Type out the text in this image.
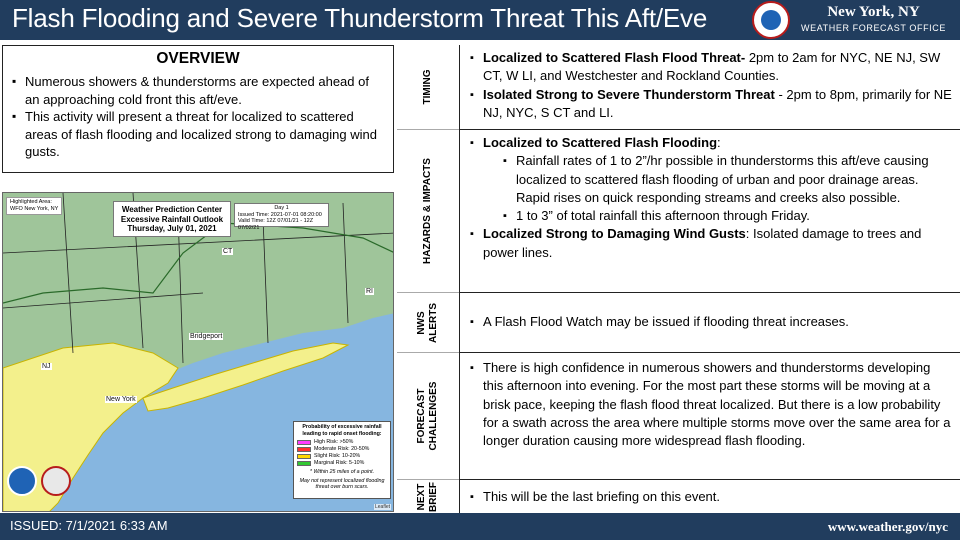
Flash Flooding and Severe Thunderstorm Threat This Aft/Eve	New York, NY
WEATHER FORECAST OFFICE
OVERVIEW
▪ Numerous showers & thunderstorms are expected ahead of an approaching cold front this aft/eve.
▪ This activity will present a threat for localized to scattered areas of flash flooding and localized strong to damaging wind gusts.
Highlighted Area:
WFO New York, NY	Weather Prediction Center
Excessive Rainfall Outlook
Thursday, July 01, 2021
Day 1
Issued Time: 2021-07-01 08:20:00
Valid Time: 12Z 07/01/21 - 12Z 07/02/21
CT
RI
NJ
New York
Bridgeport
Probability of excessive rainfall leading to rapid onset flooding:
High Risk: >50%
Moderate Risk: 20-50%
Slight Risk: 10-20%
Marginal Risk: 5-10%
* Within 25 miles of a point.
May not represent localized flooding threat over burn scars.
Leaflet
TIMING
▪ Localized to Scattered Flash Flood Threat- 2pm to 2am for NYC, NE NJ, SW CT, W LI, and Westchester and Rockland Counties.
▪ Isolated Strong to Severe Thunderstorm Threat - 2pm to 8pm, primarily for NE NJ, NYC, S CT and LI.
HAZARDS & IMPACTS
▪ Localized to Scattered Flash Flooding:
▪ Rainfall rates of 1 to 2”/hr possible in thunderstorms this aft/eve causing localized to scattered flash flooding of urban and poor drainage areas. Rapid rises on quick responding streams and creeks also possible.
▪ 1 to 3” of total rainfall this afternoon through Friday.
▪ Localized Strong to Damaging Wind Gusts: Isolated damage to trees and power lines.
NWS ALERTS	▪ A Flash Flood Watch may be issued if flooding threat increases.
FORECAST CHALLENGES
▪ There is high confidence in numerous showers and thunderstorms developing this afternoon into evening. For the most part these storms will be moving at a brisk pace, keeping the flash flood threat localized. But there is a low probability for a swath across the area where multiple storms move over the same area for a longer duration causing more widespread flash flooding.
NEXT BRIEF	▪ This will be the last briefing on this event.
ISSUED: 7/1/2021 6:33 AM	www.weather.gov/nyc
